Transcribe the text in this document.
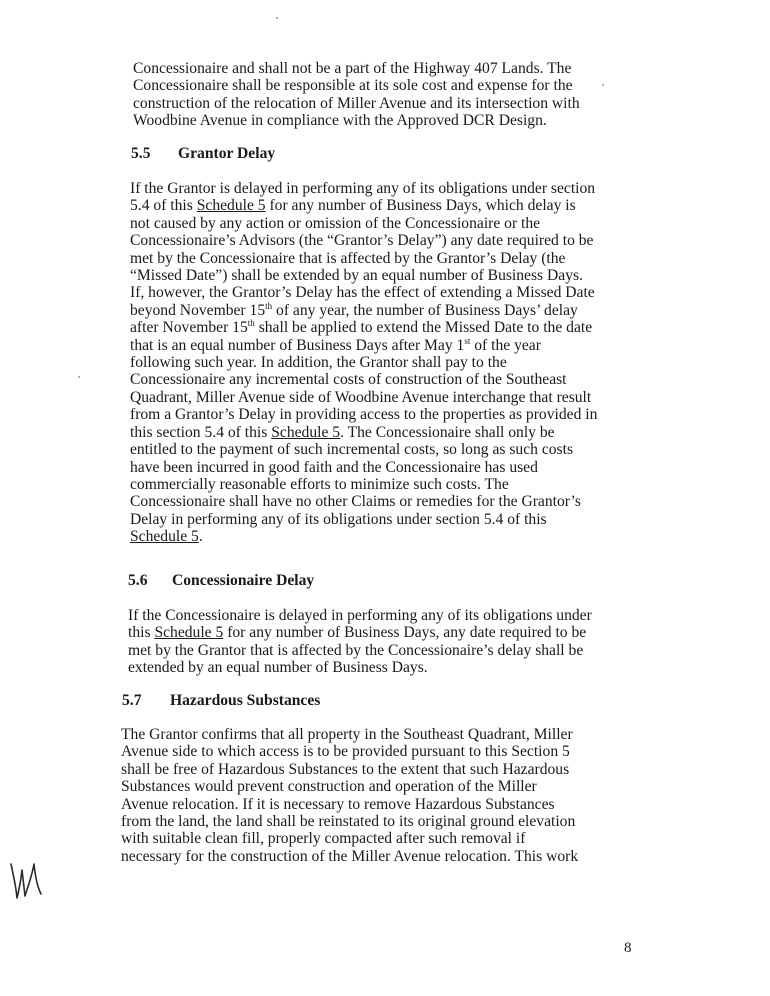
Concessionaire and shall not be a part of the Highway 407 Lands. The
Concessionaire shall be responsible at its sole cost and expense for the
construction of the relocation of Miller Avenue and its intersection with
Woodbine Avenue in compliance with the Approved DCR Design.
5.5 Grantor Delay
If the Grantor is delayed in performing any of its obligations under section
5.4 of this Schedule 5 for any number of Business Days, which delay is
not caused by any action or omission of the Concessionaire or the
Concessionaire’s Advisors (the “Grantor’s Delay”) any date required to be
met by the Concessionaire that is affected by the Grantor’s Delay (the
“Missed Date”) shall be extended by an equal number of Business Days.
If, however, the Grantor’s Delay has the effect of extending a Missed Date
beyond November 15th of any year, the number of Business Days’ delay
after November 15th shall be applied to extend the Missed Date to the date
that is an equal number of Business Days after May 1st of the year
following such year. In addition, the Grantor shall pay to the
Concessionaire any incremental costs of construction of the Southeast
Quadrant, Miller Avenue side of Woodbine Avenue interchange that result
from a Grantor’s Delay in providing access to the properties as provided in
this section 5.4 of this Schedule 5. The Concessionaire shall only be
entitled to the payment of such incremental costs, so long as such costs
have been incurred in good faith and the Concessionaire has used
commercially reasonable efforts to minimize such costs. The
Concessionaire shall have no other Claims or remedies for the Grantor’s
Delay in performing any of its obligations under section 5.4 of this
Schedule 5.
5.6 Concessionaire Delay
If the Concessionaire is delayed in performing any of its obligations under
this Schedule 5 for any number of Business Days, any date required to be
met by the Grantor that is affected by the Concessionaire’s delay shall be
extended by an equal number of Business Days.
5.7 Hazardous Substances
The Grantor confirms that all property in the Southeast Quadrant, Miller
Avenue side to which access is to be provided pursuant to this Section 5
shall be free of Hazardous Substances to the extent that such Hazardous
Substances would prevent construction and operation of the Miller
Avenue relocation. If it is necessary to remove Hazardous Substances
from the land, the land shall be reinstated to its original ground elevation
with suitable clean fill, properly compacted after such removal if
necessary for the construction of the Miller Avenue relocation. This work
8
